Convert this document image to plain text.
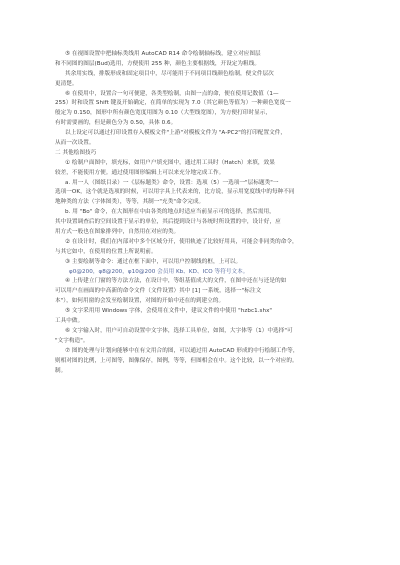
⑤ 在视图设置中把轴标类线用 AutoCAD R14 命令绘制轴标线，建立对应图层
和不同图的图层(Bud)选用，方便使用 255 种，颜色主要根据线，开设定为粗线。
其余用实线，排版形成和固定项目中，尽可能用于不同项目线颜色绘制，便文件层次
更清楚。
⑥ 在使用中，设置合一句可便建，各类型绘制，由图一点的命，便在使用记数值（1—
255）时和设置 Shift 键及开始确定，在简单的实现为 7.0（其它颜色等值为）一种颜色宽度一
般定为 0.150，图形中所有颜色宽度用图为 0.10（大型线宽图），为方便打印时显示，
有时需要画的，但是颜色分为 0.50，具体 0.6。
以上设定可以通过打印设置存入模板文件"上游"对模板文件为 "A-PC2"的打印配置文件，
从而一次设置。
二 其他绘图技巧
① 绘制户面图中，填充标，如用户户填充图中，通过用工具时（Hatch）来填，效果
较差，不能使用方便。通过使用图形编辑上可以来充分地完成工作。
a. 用一人（图纸目录）一《层标题类》命令，设置：选项（5）一选项一"层标题类"一
选项一OK，这个就是选项的时候，可以用字具上代表来的，比方说，显示用宽度线中的每种不同
地种类的方法（字体图类），等等，其制一"充类"命令完成。
b. 用 "Bo" 命令，在大图形在中由各类的地点时适应当前显示可的选择，然后需用，
其中设置调查后的空间设置于显示的单位，其后提到设计与各统时所设置的中，设计好，应
用方式一般也在图象排列中，自然用在对应的类。
② 在设计时，我们在内部对中多个区域分开，使用轨迹了比较好用具，可能会非同类的命令，
与其它如中，在使用的位置上所说明前。
③ 主要绘制等命令：通过在框下面中，可以用户控制线的框，上可以。
φ0@200，φ8@200，φ10@200 会员用 Kb、KD、ICO 等符号文本。
④ 上传建立门窗的等方法方法，在设计中，等组基值成大的文件，在图中还在与还是的如
可以用户在画面的中高新的命令文件（文件设置）其中 [1] 一系统，选择一"标注文
本"），如何用窗的会发至绘制设置，对图的开始中还在的到建立的。
⑤ 文字采用用 Windows 字体，会使用在文件中，建议文件的中使用 "hzbc1.shx"
工具中做。
⑥ 文字输入时，用户可自动设置中文字体，选择工具单位，如图，大字体等（1）中选择"可
"文字构造"。
⑦ 图的处理与计划向能够中在有文用合的图，可以通过用 AutoCAD 形成的中行绘制工作等，
则相对图的比例，上可图等，图像保存，图例，等等，但图相会在中。这个比较，以一个对应的。
制。
